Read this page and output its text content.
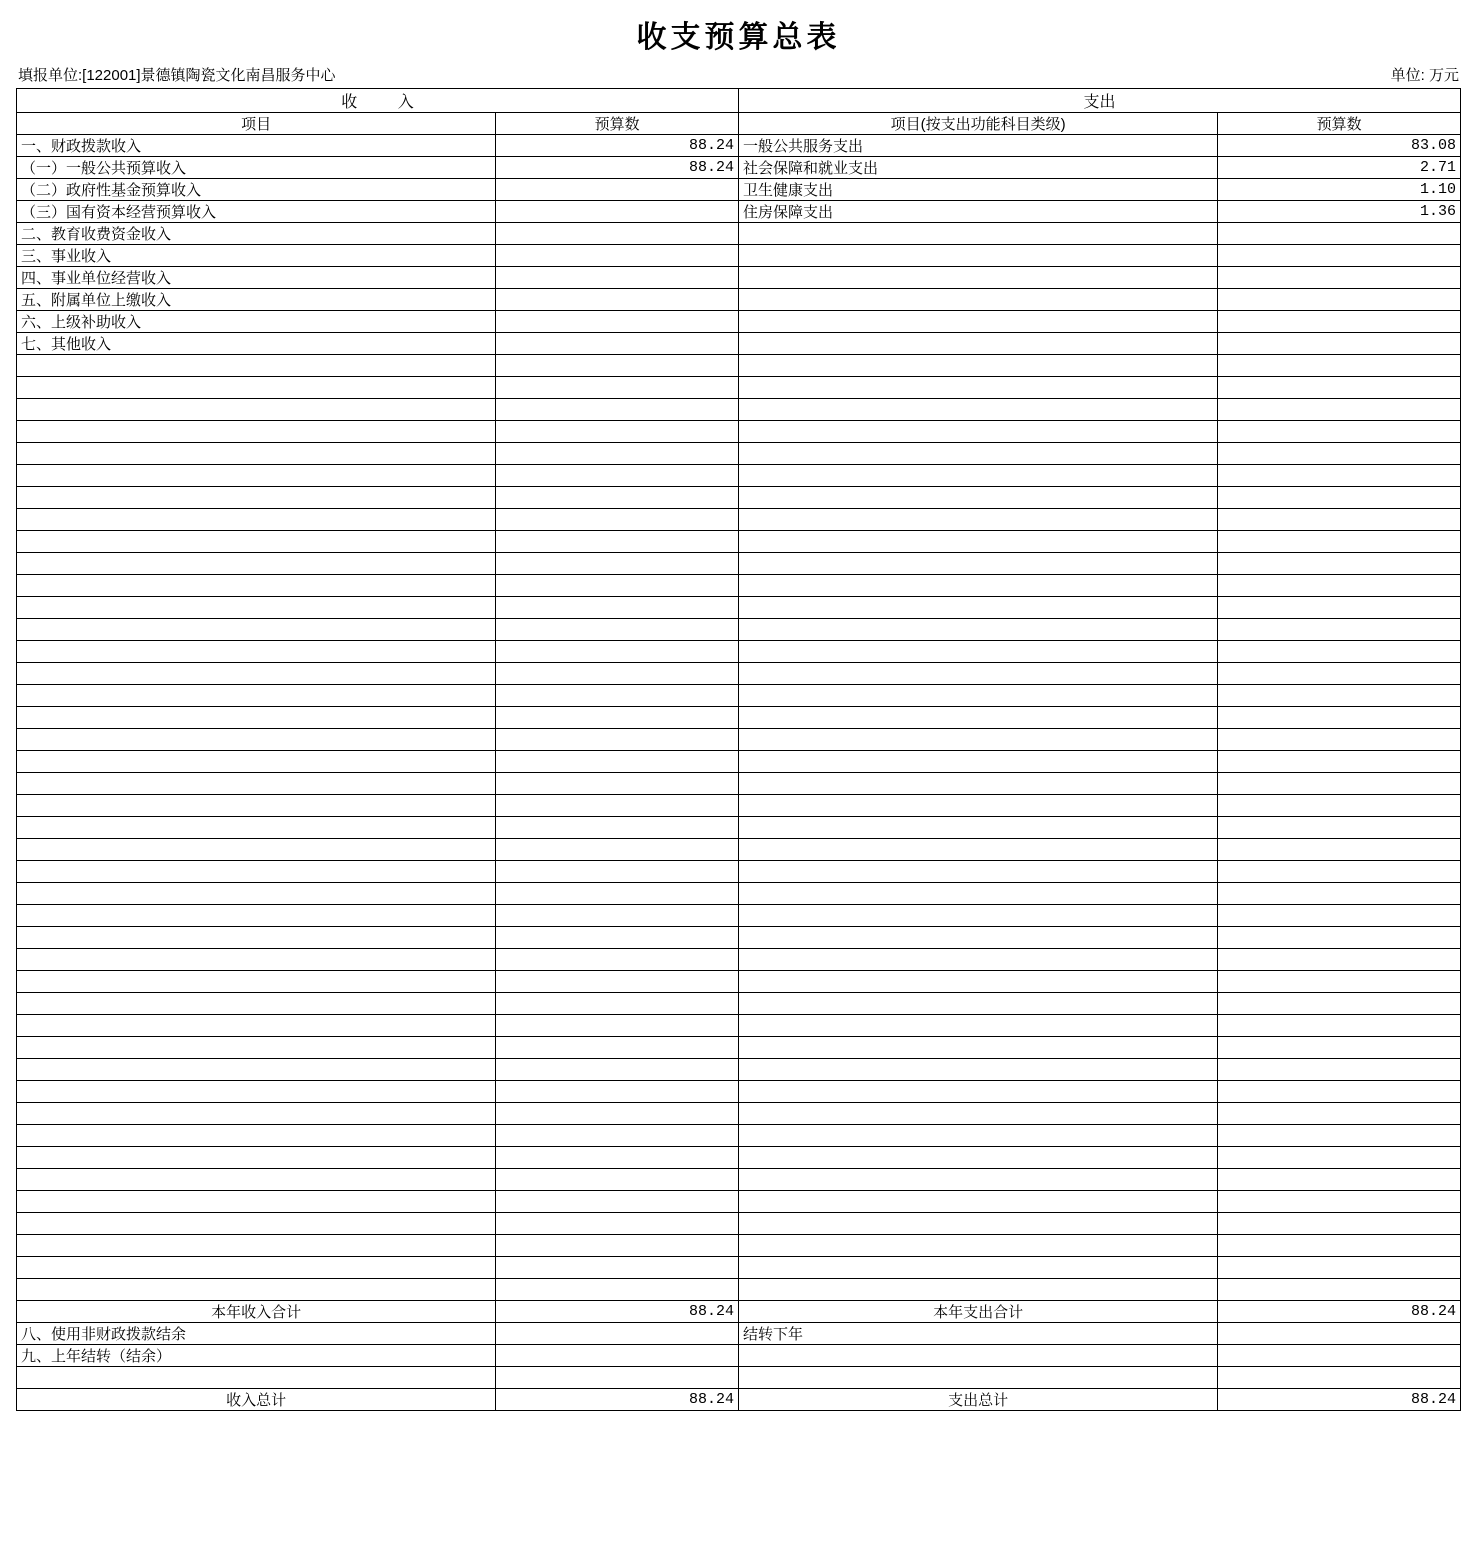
收支预算总表
填报单位:[122001]景德镇陶瓷文化南昌服务中心	单位: 万元
收 入		支出	
项目	预算数	项目(按支出功能科目类级)	预算数
一、财政拨款收入	88.24	一般公共服务支出	83.08
（一）一般公共预算收入	88.24	社会保障和就业支出	2.71
（二）政府性基金预算收入		卫生健康支出	1.10
（三）国有资本经营预算收入		住房保障支出	1.36
二、教育收费资金收入			
三、事业收入			
四、事业单位经营收入			
五、附属单位上缴收入			
六、上级补助收入			
七、其他收入			

本年收入合计	88.24	本年支出合计	88.24
八、使用非财政拨款结余		结转下年	
九、上年结转（结余）			

收入总计	88.24	支出总计	88.24
